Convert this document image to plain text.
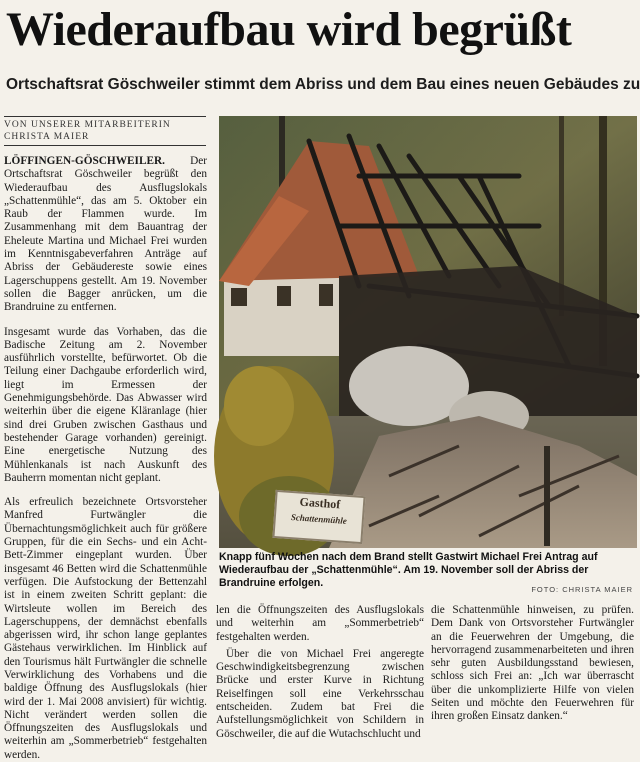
Wiederaufbau wird begrüßt
Ortschaftsrat Göschweiler stimmt dem Abriss und dem Bau eines neuen Gebäudes zu
VON UNSERER MITARBEITERIN
CHRISTA MAIER

LÖFFINGEN-GÖSCHWEILER. Der Ortschaftsrat Göschweiler begrüßt den Wiederaufbau des Ausflugslokals „Schattenmühle“, das am 5. Oktober ein Raub der Flammen wurde. Im Zusammenhang mit dem Bauantrag der Eheleute Martina und Michael Frei wurden im Kenntnisgabeverfahren Anträge auf Abriss der Gebäudereste sowie eines Lagerschuppens gestellt. Am 19. November sollen die Bagger anrücken, um die Brandruine zu entfernen.

Insgesamt wurde das Vorhaben, das die Badische Zeitung am 2. November ausführlich vorstellte, befürwortet. Ob die Teilung einer Dachgaube erforderlich wird, liegt im Ermessen der Genehmigungsbehörde. Das Abwasser wird weiterhin über die eigene Kläranlage (hier sind drei Gruben zwischen Gasthaus und bestehender Garage vorhanden) gereinigt. Eine energetische Nutzung des Mühlenkanals ist nach Auskunft des Bauherrn momentan nicht geplant.

Als erfreulich bezeichnete Ortsvorsteher Manfred Furtwängler die Übernachtungsmöglichkeit auch für größere Gruppen, für die ein Sechs- und ein Acht-Bett-Zimmer eingeplant wurden. Über insgesamt 46 Betten wird die Schattenmühle verfügen. Die Aufstockung der Bettenzahl ist in einem zweiten Schritt geplant: die Wirtsleute wollen im Bereich des Lagerschuppens, der demnächst ebenfalls abgerissen wird, ihr schon lange geplantes Gästehaus verwirklichen. Im Hinblick auf den Tourismus hält Furtwängler die schnelle Verwirklichung des Vorhabens und die baldige Öffnung des Ausflugslokals (hier wird der 1. Mai 2008 anvisiert) für wichtig. Nicht verändert werden sollen die Öffnungszeiten des Ausflugslokals und weiterhin am „Sommerbetrieb“ festgehalten werden.

Gasthof
Schattenmühle
Knapp fünf Wochen nach dem Brand stellt Gastwirt Michael Frei Antrag auf Wiederaufbau der „Schattenmühle“. Am 19. November soll der Abriss der Brandruine erfolgen.
FOTO: CHRISTA MAIER

len die Öffnungszeiten des Ausflugslokals und weiterhin am „Sommerbetrieb“ festgehalten werden.

Über die von Michael Frei angeregte Geschwindigkeitsbegrenzung zwischen Brücke und erster Kurve in Richtung Reiselfingen soll eine Verkehrsschau entscheiden. Zudem bat Frei die Aufstellungsmöglichkeit von Schildern in Göschweiler, die auf die Wutachschlucht und

die Schattenmühle hinweisen, zu prüfen. Dem Dank von Ortsvorsteher Furtwängler an die Feuerwehren der Umgebung, die hervorragend zusammenarbeiteten und ihren sehr guten Ausbildungsstand bewiesen, schloss sich Frei an: „Ich war überrascht über die unkomplizierte Hilfe von vielen Seiten und möchte den Feuerwehren für ihren großen Einsatz danken.“
